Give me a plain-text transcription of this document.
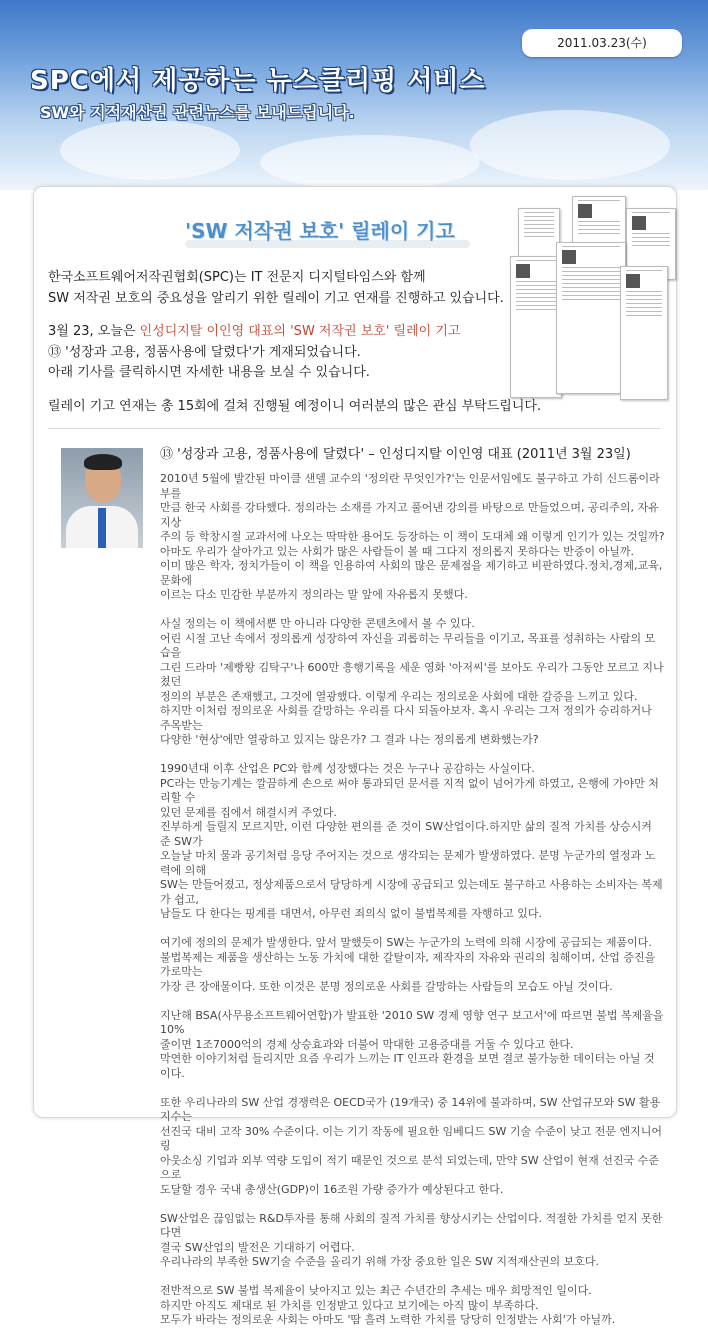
2011.03.23(수)
SPC에서 제공하는 뉴스클리핑 서비스
SW와 지적재산권 관련뉴스를 보내드립니다.
'SW 저작권 보호' 릴레이 기고
한국소프트웨어저작권협회(SPC)는 IT 전문지 디지털타임스와 함께
SW 저작권 보호의 중요성을 알리기 위한 릴레이 기고 연재를 진행하고 있습니다.
3월 23, 오늘은 인성디지탈 이인영 대표의 'SW 저작권 보호' 릴레이 기고
⑬ '성장과 고용, 정품사용에 달렸다'가 게재되었습니다.
아래 기사를 클릭하시면 자세한 내용을 보실 수 있습니다.
릴레이 기고 연재는 총 15회에 걸쳐 진행될 예정이니 여러분의 많은 관심 부탁드립니다.
⑬ '성장과 고용, 정품사용에 달렸다' – 인성디지탈 이인영 대표 (2011년 3월 23일)

2010년 5월에 발간된 마이클 샌델 교수의 '정의란 무엇인가?'는 인문서임에도 불구하고 가히 신드롬이라 부를
만큼 한국 사회를 강타했다. 정의라는 소재를 가지고 풀어낸 강의를 바탕으로 만들었으며, 공리주의, 자유지상
주의 등 학창시절 교과서에 나오는 딱딱한 용어도 등장하는 이 책이 도대체 왜 이렇게 인기가 있는 것일까?
아마도 우리가 살아가고 있는 사회가 많은 사람들이 볼 때 그다지 정의롭지 못하다는 반증이 아닐까.
이미 많은 학자, 정치가들이 이 책을 인용하여 사회의 많은 문제점을 제기하고 비판하였다.정치,경제,교육,문화에
이르는 다소 민감한 부분까지 정의라는 말 앞에 자유롭지 못했다.

사실 정의는 이 책에서뿐 만 아니라 다양한 콘텐츠에서 볼 수 있다.
어린 시절 고난 속에서 정의롭게 성장하여 자신을 괴롭히는 무리들을 이기고, 목표를 성취하는 사람의 모습을
그린 드라마 '제빵왕 김탁구'나 600만 흥행기록을 세운 영화 '아저씨'를 보아도 우리가 그동안 모르고 지나쳤던
정의의 부분은 존재했고, 그것에 열광했다. 이렇게 우리는 정의로운 사회에 대한 갈증을 느끼고 있다.
하지만 이처럼 정의로운 사회를 갈망하는 우리를 다시 되돌아보자. 혹시 우리는 그저 정의가 승리하거나 주목받는
다양한 '현상'에만 열광하고 있지는 않은가? 그 결과 나는 정의롭게 변화했는가?

1990년대 이후 산업은 PC와 함께 성장했다는 것은 누구나 공감하는 사실이다.
PC라는 만능기계는 깔끔하게 손으로 써야 통과되던 문서를 지적 없이 넘어가게 하였고, 은행에 가야만 처리할 수
있던 문제를 집에서 해결시켜 주었다.
진부하게 들릴지 모르지만, 이런 다양한 편의를 준 것이 SW산업이다.하지만 삶의 질적 가치를 상승시켜 준 SW가
오늘날 마치 물과 공기처럼 응당 주어지는 것으로 생각되는 문제가 발생하였다. 분명 누군가의 열정과 노력에 의해
SW는 만들어졌고, 정상제품으로서 당당하게 시장에 공급되고 있는데도 불구하고 사용하는 소비자는 복제가 쉽고,
남들도 다 한다는 핑계를 대면서, 아무런 죄의식 없이 불법복제를 자행하고 있다.

여기에 정의의 문제가 발생한다. 앞서 말했듯이 SW는 누군가의 노력에 의해 시장에 공급되는 제품이다.
불법복제는 제품을 생산하는 노동 가치에 대한 갈탈이자, 제작자의 자유와 권리의 침해이며, 산업 증진을 가로막는
가장 큰 장애물이다. 또한 이것은 분명 정의로운 사회를 갈망하는 사람들의 모습도 아닐 것이다.

지난해 BSA(사무용소프트웨어연합)가 발표한 '2010 SW 경제 영향 연구 보고서'에 따르면 불법 복제율을 10%
줄이면 1조7000억의 경제 상승효과와 더불어 막대한 고용증대를 거둘 수 있다고 한다.
막연한 이야기처럼 들리지만 요즘 우리가 느끼는 IT 인프라 환경을 보면 결코 불가능한 데이터는 아닐 것이다.

또한 우리나라의 SW 산업 경쟁력은 OECD국가 (19개국) 중 14위에 불과하며, SW 산업규모와 SW 활용 지수는
선진국 대비 고작 30% 수준이다. 이는 기기 작동에 필요한 임베디드 SW 기술 수준이 낮고 전문 엔지니어링
아웃소싱 기업과 외부 역량 도입이 적기 때문인 것으로 분석 되었는데, 만약 SW 산업이 현재 선진국 수준으로
도달할 경우 국내 총생산(GDP)이 16조원 가량 증가가 예상된다고 한다.

SW산업은 끊임없는 R&D투자를 통해 사회의 질적 가치를 향상시키는 산업이다. 적절한 가치를 얻지 못한다면
결국 SW산업의 발전은 기대하기 어렵다.
우리나라의 부족한 SW기술 수준을 올리기 위해 가장 중요한 일은 SW 지적재산권의 보호다.

전반적으로 SW 불법 복제율이 낮아지고 있는 최근 수년간의 추세는 매우 희망적인 일이다.
하지만 아직도 제대로 된 가치를 인정받고 있다고 보기에는 아직 많이 부족하다.
모두가 바라는 정의로운 사회는 아마도 '땀 흘려 노력한 가치를 당당히 인정받는 사회'가 아닐까.
